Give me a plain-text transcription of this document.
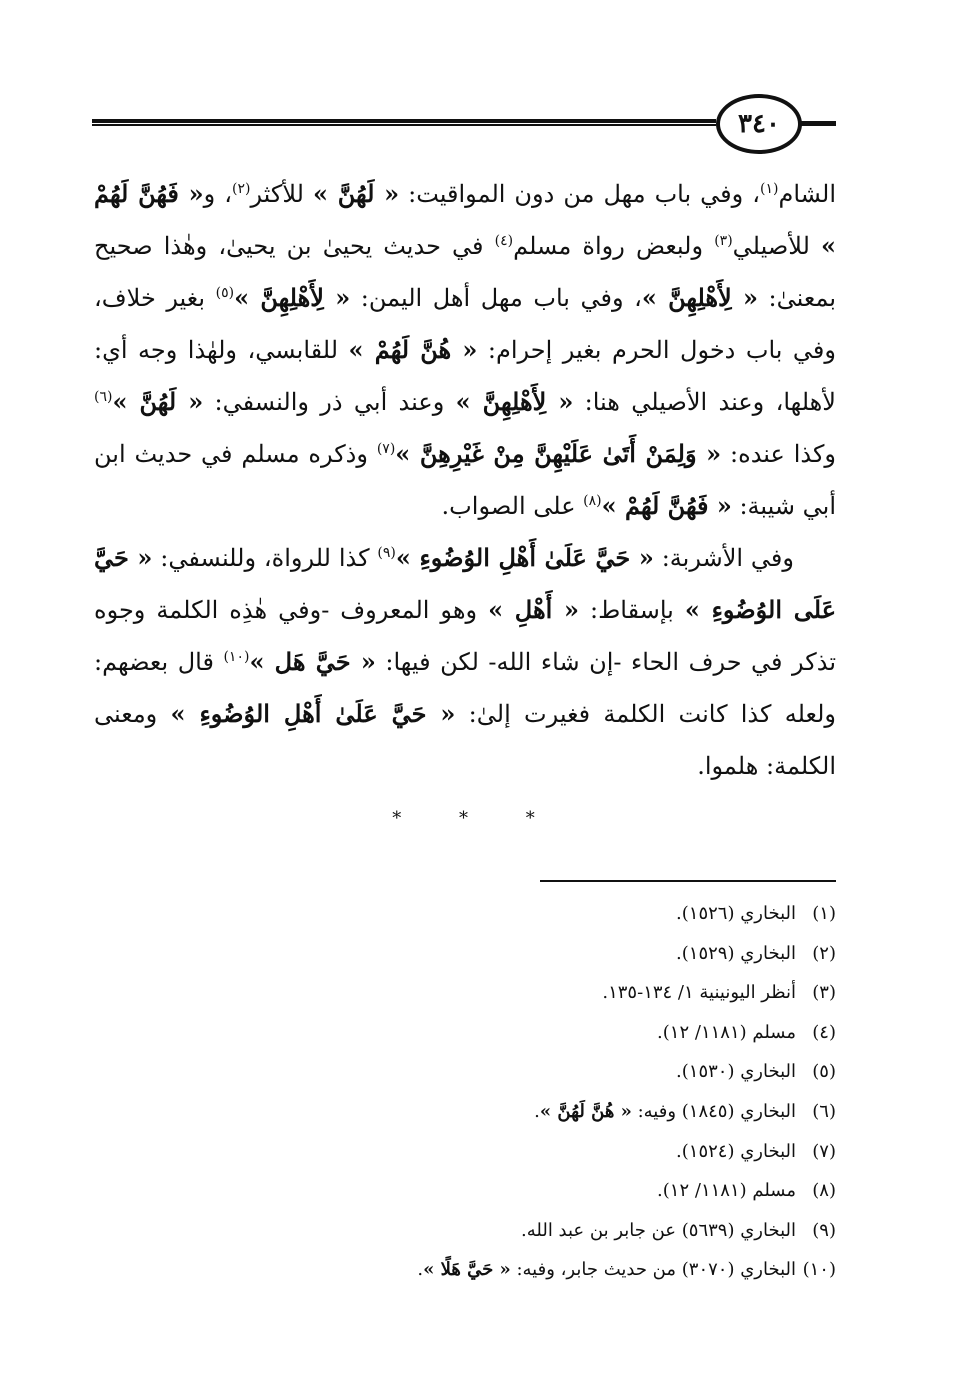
٣٤٠

الشام$^{(١)}$، وفي باب مهل من دون المواقيت: « لَهُنَّ » للأكثر$^{(٢)}$، و« فَهُنَّ لَهُمْ » للأصيلي$^{(٣)}$ ولبعض رواة مسلم$^{(٤)}$ في حديث يحيىٰ بن يحيىٰ، وهٰذا صحيح بمعنىٰ: « لِأَهْلِهِنَّ »، وفي باب مهل أهل اليمن: « لِأَهْلِهِنَّ »$^{(٥)}$ بغير خلاف، وفي باب دخول الحرم بغير إحرام: « هُنَّ لَهُمْ » للقابسي، ولهٰذا وجه أي: لأهلها، وعند الأصيلي هنا: « لِأَهْلِهِنَّ » وعند أبي ذر والنسفي: « لَهُنَّ »$^{(٦)}$ وكذا عنده: « وَلِمَنْ أَتَىٰ عَلَيْهِنَّ مِنْ غَيْرِهِنَّ »$^{(٧)}$ وذكره مسلم في حديث ابن أبي شيبة: « فَهُنَّ لَهُمْ »$^{(٨)}$ على الصواب.

وفي الأشربة: « حَيَّ عَلَىٰ أَهْلِ الوُضُوءِ »$^{(٩)}$ كذا للرواة، وللنسفي: « حَيَّ عَلَى الوُضُوءِ » بإسقاط: « أَهْلِ » وهو المعروف -وفي هٰذِه الكلمة وجوه تذكر في حرف الحاء -إن شاء الله- لكن فيها: « حَيَّ هَل »$^{(١٠)}$ قال بعضهم: ولعله كذا كانت الكلمة فغيرت إلىٰ: « حَيَّ عَلَىٰ أَهْلِ الوُضُوءِ » ومعنى الكلمة: هلموا.

* * *
(١)البخاري (١٥٢٦).
(٢)البخاري (١٥٢٩).
(٣)أنظر اليونينية ١/ ١٣٤-١٣٥.
(٤)مسلم (١١٨١/ ١٢).
(٥)البخاري (١٥٣٠).
(٦)البخاري (١٨٤٥) وفيه: « هُنَّ لَهُنَّ ».
(٧)البخاري (١٥٢٤).
(٨)مسلم (١١٨١/ ١٢).
(٩)البخاري (٥٦٣٩) عن جابر بن عبد الله.
(١٠)البخاري (٣٠٧٠) من حديث جابر، وفيه: « حَيَّ هَلًا ».
